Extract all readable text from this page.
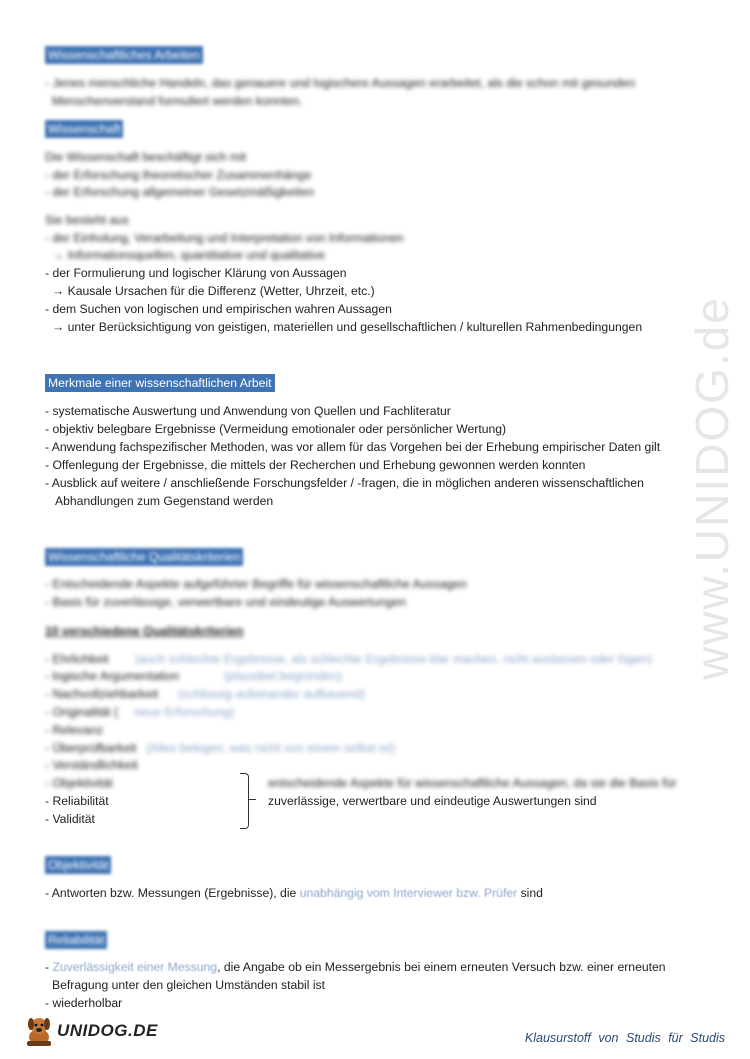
www.UNIDOG.de
Wissenschaftliches Arbeiten
- Jenes menschliche Handeln, das genauere und logischere Aussagen erarbeitet, als die schon mit gesunden
Menschenverstand formuliert werden konnten.
Wissenschaft
Die Wissenschaft beschäftigt sich mit
- der Erforschung theoretischer Zusammenhänge
- der Erforschung allgemeiner Gesetzmäßigkeiten
Sie besteht aus
- der Einholung, Verarbeitung und Interpretation von Informationen
→ Informationsquellen, quantitative und qualitative
- der Formulierung und logischer Klärung von Aussagen
→ Kausale Ursachen für die Differenz (Wetter, Uhrzeit, etc.)
- dem Suchen von logischen und empirischen wahren Aussagen
→ unter Berücksichtigung von geistigen, materiellen und gesellschaftlichen / kulturellen Rahmenbedingungen
Merkmale einer wissenschaftlichen Arbeit
- systematische Auswertung und Anwendung von Quellen und Fachliteratur
- objektiv belegbare Ergebnisse (Vermeidung emotionaler oder persönlicher Wertung)
- Anwendung fachspezifischer Methoden, was vor allem für das Vorgehen bei der Erhebung empirischer Daten gilt
- Offenlegung der Ergebnisse, die mittels der Recherchen und Erhebung gewonnen werden konnten
- Ausblick auf weitere / anschließende Forschungsfelder / -fragen, die in möglichen anderen wissenschaftlichen
Abhandlungen zum Gegenstand werden
Wissenschaftliche Qualitätskriterien
- Entscheidende Aspekte aufgeführter Begriffe für wissenschaftliche Aussagen
- Basis für zuverlässige, verwertbare und eindeutige Auswertungen
10 verschiedene Qualitätskriterien
- Ehrlichkeit (auch schlechte Ergebnisse, als schlechte Ergebnisse klar machen, nicht auslassen oder lügen)
- logische Argumentation	(plausibel begründen)
- Nachvollziehbarkeit (schlüssig aufeinander aufbauend)
- Originalität ( neue Erforschung)
- Relevanz
- Überprüfbarkeit (Alles belegen, was nicht von einem selbst ist)
- Verständlichkeit
- Objektivität
- Reliabilität
- Validität
entscheidende Aspekte für wissenschaftliche Aussagen, da sie die Basis für
zuverlässige, verwertbare und eindeutige Auswertungen sind
Objektivität
- Antworten bzw. Messungen (Ergebnisse), die unabhängig vom Interviewer bzw. Prüfer sind
Reliabilität
- Zuverlässigkeit einer Messung, die Angabe ob ein Messergebnis bei einem erneuten Versuch bzw. einer erneuten
Befragung unter den gleichen Umständen stabil ist
- wiederholbar
UNIDOG.DE	Klausurstoff von Studis für Studis
